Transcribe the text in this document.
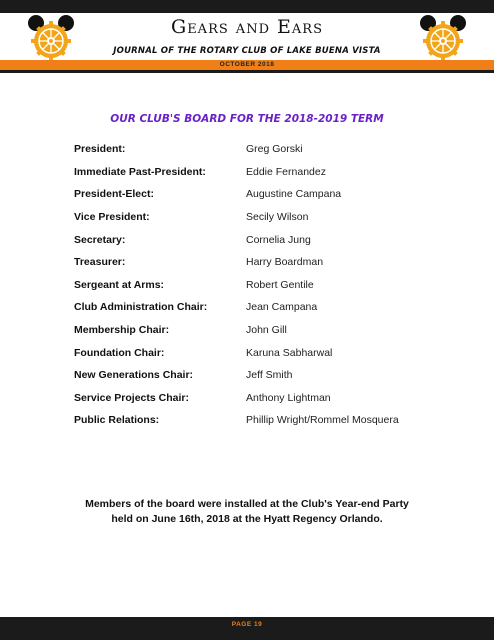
Gears and Ears
JOURNAL OF THE ROTARY CLUB OF LAKE BUENA VISTA
OCTOBER 2018
OUR CLUB'S BOARD FOR THE 2018-2019 TERM
President:	Greg Gorski
Immediate Past-President:	Eddie Fernandez
President-Elect:	Augustine Campana
Vice President:	Secily Wilson
Secretary:	Cornelia Jung
Treasurer:	Harry Boardman
Sergeant at Arms:	Robert Gentile
Club Administration Chair:	Jean Campana
Membership Chair:	John Gill
Foundation Chair:	Karuna Sabharwal
New Generations Chair:	Jeff Smith
Service Projects Chair:	Anthony Lightman
Public Relations:	Phillip Wright/Rommel Mosquera
Members of the board were installed at the Club's Year-end Party
held on June 16th, 2018 at the Hyatt Regency Orlando.
PAGE 19
